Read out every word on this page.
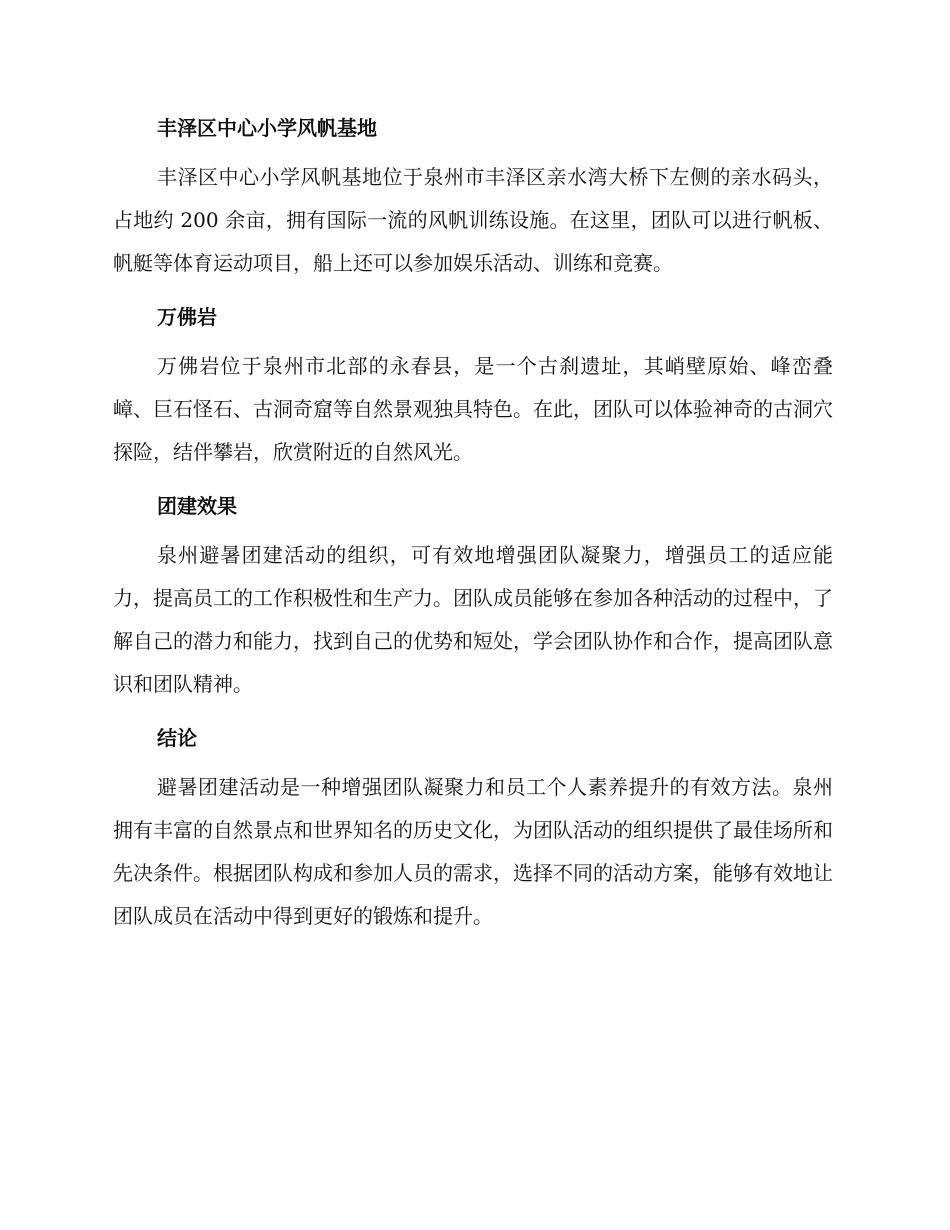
丰泽区中心小学风帆基地

丰泽区中心小学风帆基地位于泉州市丰泽区亲水湾大桥下左侧的亲水码头，占地约 200 余亩，拥有国际一流的风帆训练设施。在这里，团队可以进行帆板、帆艇等体育运动项目，船上还可以参加娱乐活动、训练和竞赛。

万佛岩

万佛岩位于泉州市北部的永春县，是一个古刹遗址，其峭壁原始、峰峦叠嶂、巨石怪石、古洞奇窟等自然景观独具特色。在此，团队可以体验神奇的古洞穴探险，结伴攀岩，欣赏附近的自然风光。

团建效果

泉州避暑团建活动的组织，可有效地增强团队凝聚力，增强员工的适应能力，提高员工的工作积极性和生产力。团队成员能够在参加各种活动的过程中，了解自己的潜力和能力，找到自己的优势和短处，学会团队协作和合作，提高团队意识和团队精神。

结论

避暑团建活动是一种增强团队凝聚力和员工个人素养提升的有效方法。泉州拥有丰富的自然景点和世界知名的历史文化，为团队活动的组织提供了最佳场所和先决条件。根据团队构成和参加人员的需求，选择不同的活动方案，能够有效地让团队成员在活动中得到更好的锻炼和提升。
